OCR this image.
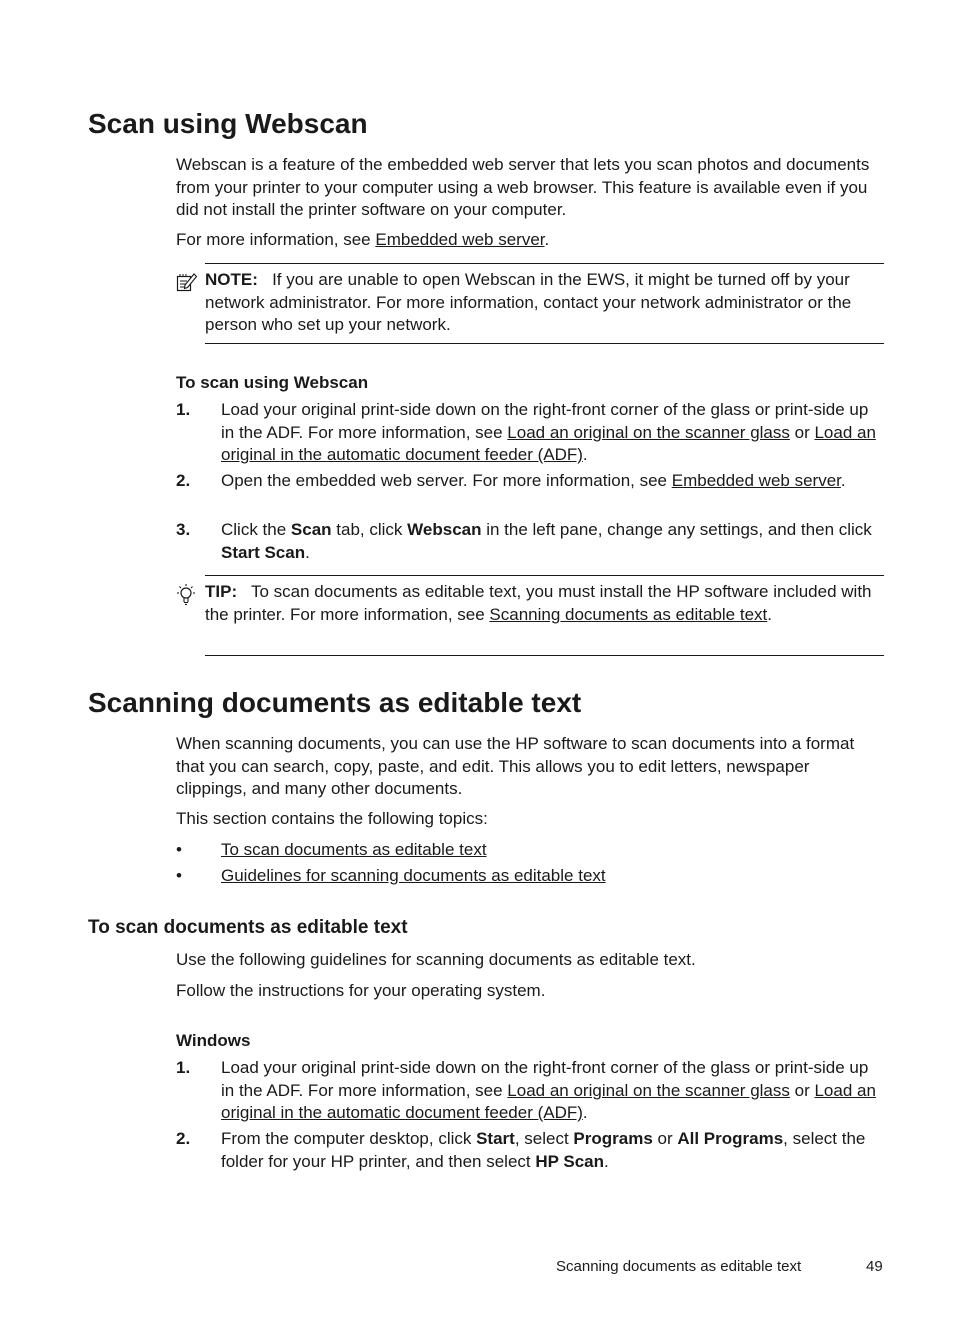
Scan using Webscan
Webscan is a feature of the embedded web server that lets you scan photos and documents from your printer to your computer using a web browser. This feature is available even if you did not install the printer software on your computer.
For more information, see Embedded web server.
NOTE: If you are unable to open Webscan in the EWS, it might be turned off by your network administrator. For more information, contact your network administrator or the person who set up your network.
To scan using Webscan
1. Load your original print-side down on the right-front corner of the glass or print-side up in the ADF. For more information, see Load an original on the scanner glass or Load an original in the automatic document feeder (ADF).
2. Open the embedded web server. For more information, see Embedded web server.
3. Click the Scan tab, click Webscan in the left pane, change any settings, and then click Start Scan.
TIP: To scan documents as editable text, you must install the HP software included with the printer. For more information, see Scanning documents as editable text.
Scanning documents as editable text
When scanning documents, you can use the HP software to scan documents into a format that you can search, copy, paste, and edit. This allows you to edit letters, newspaper clippings, and many other documents.
This section contains the following topics:
• To scan documents as editable text
• Guidelines for scanning documents as editable text
To scan documents as editable text
Use the following guidelines for scanning documents as editable text.
Follow the instructions for your operating system.
Windows
1. Load your original print-side down on the right-front corner of the glass or print-side up in the ADF. For more information, see Load an original on the scanner glass or Load an original in the automatic document feeder (ADF).
2. From the computer desktop, click Start, select Programs or All Programs, select the folder for your HP printer, and then select HP Scan.
Scanning documents as editable text	49
